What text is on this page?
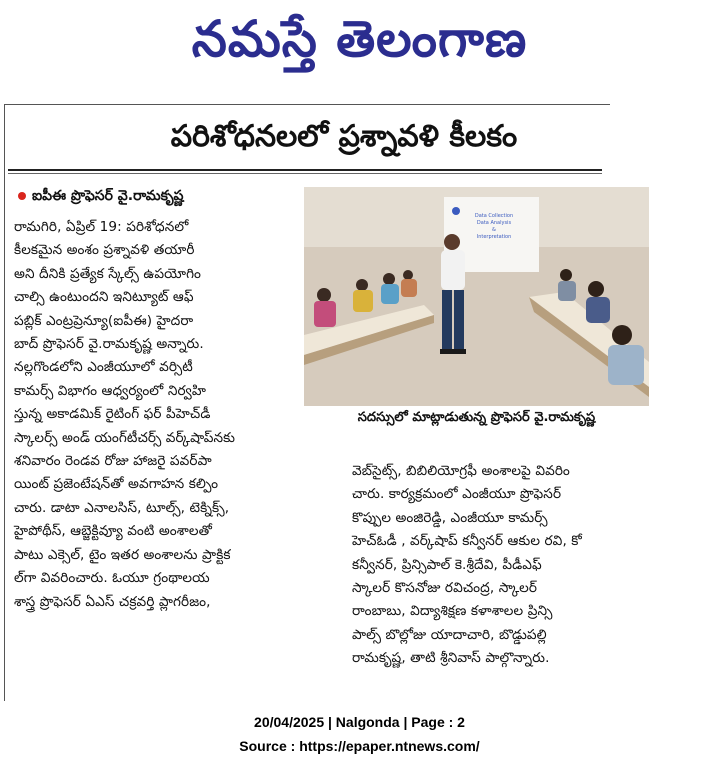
నమస్తే తెలంగాణ
పరిశోధనలలో ప్రశ్నావళి కీలకం
ఐపీఈ ప్రొఫెసర్ వై.రామకృష్ణ

రామగిరి, ఏప్రిల్ 19: పరిశోధనలో

కీలకమైన అంశం ప్రశ్నావళి తయారీ

అని దీనికి ప్రత్యేక స్కేల్స్ ఉపయోగిం

చాల్సి ఉంటుందని ఇనిట్యూట్ ఆఫ్

పబ్లిక్ ఎంట్రప్రెన్యూ(ఐపీఈ) హైదరా

బాద్ ప్రొఫెసర్ వై.రామకృష్ణ అన్నారు.

నల్లగొండలోని ఎంజీయూలో వర్సిటీ

కామర్స్ విభాగం ఆధ్వర్యంలో నిర్వహి

స్తున్న అకాడమిక్ రైటింగ్ ఫర్ పీహెచ్‌డీ

స్కాలర్స్ అండ్ యంగ్‌టీచర్స్ వర్క్‌షాప్‌నకు

శనివారం రెండవ రోజు హాజరై పవర్‌పా

యింట్ ప్రజెంటేషన్‌తో అవగాహన కల్పిం

చారు. డాటా ఎనాలసిస్, టూల్స్, టెక్నిక్స్,

హైపోథీస్, ఆబ్జెక్టివ్యూ వంటి అంశాలతో

పాటు ఎక్సెల్, టైం ఇతర అంశాలను ప్రాక్టిక

ల్‌గా వివరించారు. ఓయూ గ్రంథాలయ

శాస్త్ర ప్రొఫెసర్ ఏఎస్ చక్రవర్తి ప్లాగరీజం,

Data Collection
Data Analysis
&
Interpretation
సదస్సులో మాట్లాడుతున్న ప్రొఫెసర్ వై.రామకృష్ణ

వెబ్‌సైట్స్, బిబిలియోగ్రఫీ అంశాలపై వివరిం

చారు. కార్యక్రమంలో ఎంజీయూ ప్రొఫెసర్

కొప్పుల అంజిరెడ్డి, ఎంజీయూ కామర్స్

హెచ్‌ఓడీ , వర్క్‌షాప్ కన్వీనర్ ఆకుల రవి, కో

కన్వీనర్, ప్రిన్సిపాల్ కె.శ్రీదేవి, పీడీఎఫ్

స్కాలర్ కొసనోజు రవిచంద్ర, స్కాలర్

రాంబాబు, విద్యాశిక్షణ కళాశాలల ప్రిన్సి

పాల్స్ బొల్లోజు యాదాచారి, బొడ్డుపల్లి

రామకృష్ణ, తాటి శ్రీనివాస్ పాల్గొన్నారు.

20/04/2025 | Nalgonda | Page : 2
Source : https://epaper.ntnews.com/
